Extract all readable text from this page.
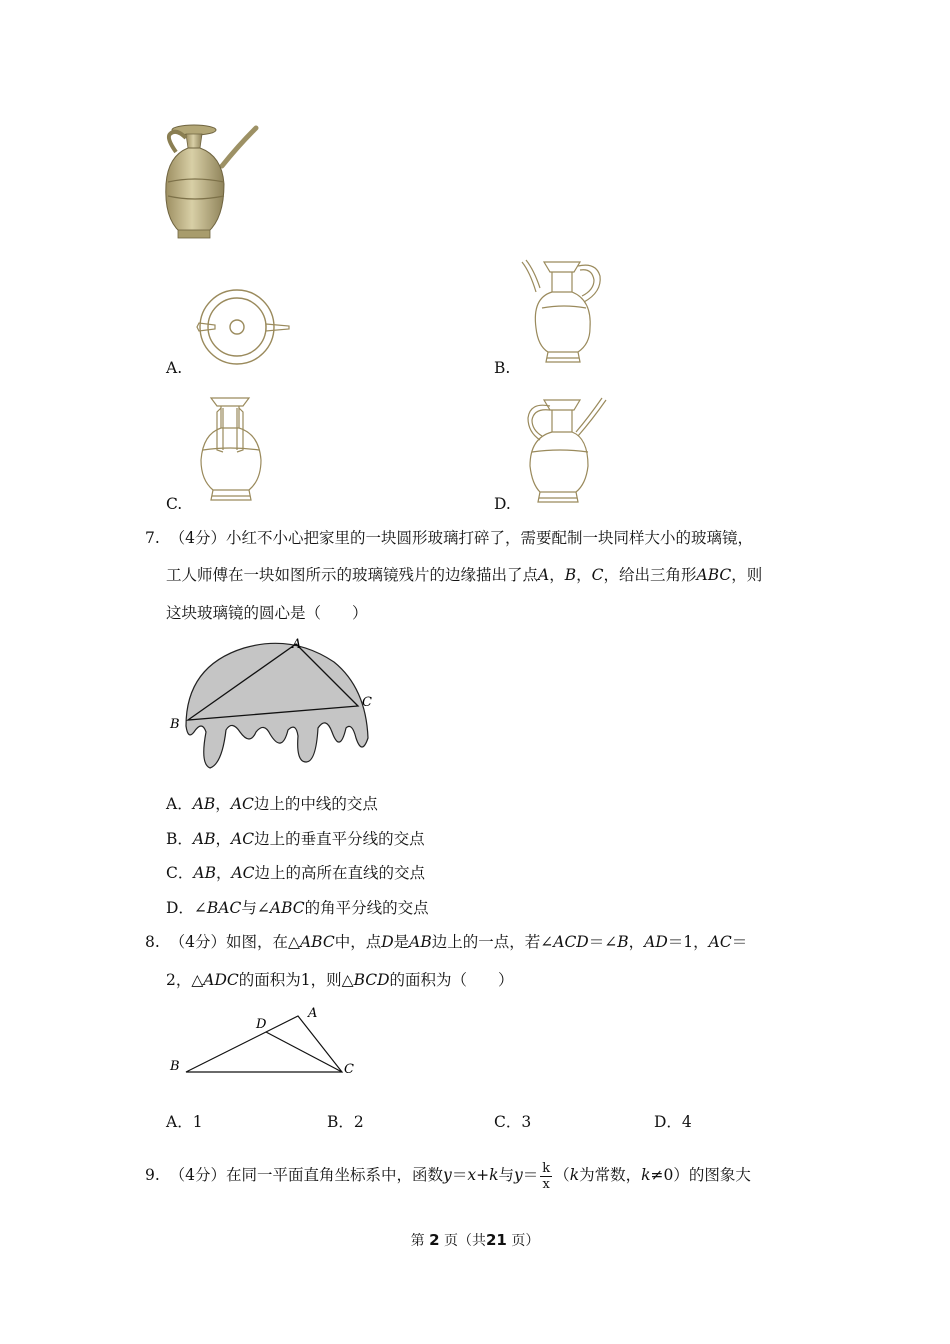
A.	B.
C.	D.
7. （4分）小红不小心把家里的一块圆形玻璃打碎了，需要配制一块同样大小的玻璃镜，
工人师傅在一块如图所示的玻璃镜残片的边缘描出了点A，B，C，给出三角形ABC，则
这块玻璃镜的圆心是（　　）
A
B
C
A．AB，AC边上的中线的交点
B．AB，AC边上的垂直平分线的交点
C．AB，AC边上的高所在直线的交点
D．∠BAC与∠ABC的角平分线的交点
8. （4分）如图，在△ABC中，点D是AB边上的一点，若∠ACD＝∠B，AD＝1，AC＝
2，△ADC的面积为1，则△BCD的面积为（　　）
B
A
D
C
A．1	B．2	C．3	D．4
9. （4分）在同一平面直角坐标系中，函数y＝x+k与$y= \frac{k}{x} (k$为常数，k≠0）的图象大
第 2 页（共21 页）
